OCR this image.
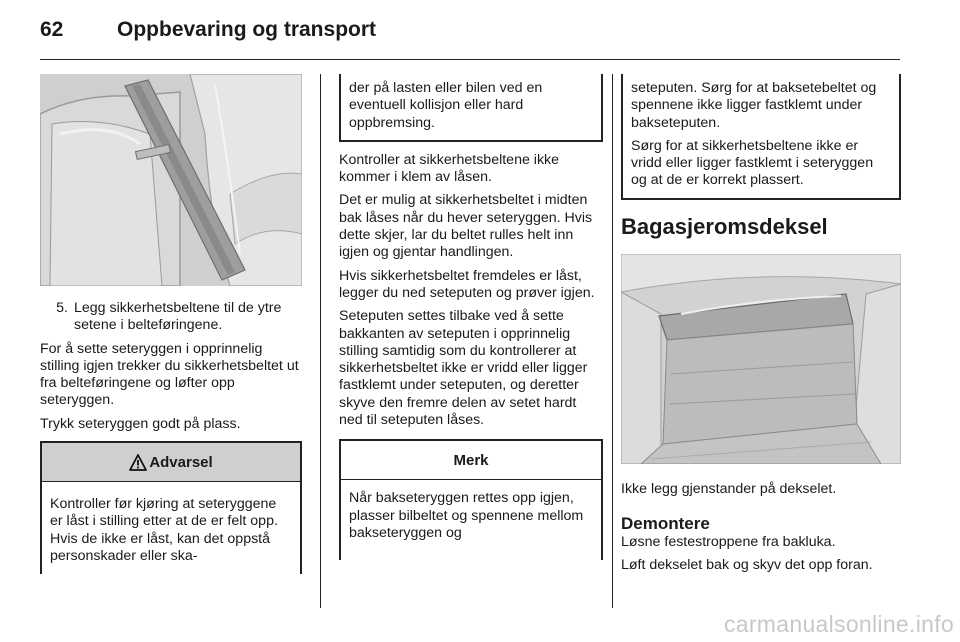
62	Oppbevaring og transport
5. Legg sikkerhetsbeltene til de ytre setene i belteføringene.

For å sette seteryggen i opprinnelig stilling igjen trekker du sikkerhetsbeltet ut fra belteføringene og løfter opp seteryggen.

Trykk seteryggen godt på plass.

Advarsel

Kontroller før kjøring at seteryggene er låst i stilling etter at de er felt opp. Hvis de ikke er låst, kan det oppstå personskader eller ska-

der på lasten eller bilen ved en eventuell kollisjon eller hard oppbremsing.

Kontroller at sikkerhetsbeltene ikke kommer i klem av låsen.

Det er mulig at sikkerhetsbeltet i midten bak låses når du hever seteryggen. Hvis dette skjer, lar du beltet rulles helt inn igjen og gjentar handlingen.

Hvis sikkerhetsbeltet fremdeles er låst, legger du ned seteputen og prøver igjen.

Seteputen settes tilbake ved å sette bakkanten av seteputen i opprinnelig stilling samtidig som du kontrollerer at sikkerhetsbeltet ikke er vridd eller ligger fastklemt under seteputen, og deretter skyve den fremre delen av setet hardt ned til seteputen låses.

Merk

Når bakseteryggen rettes opp igjen, plasser bilbeltet og spennene mellom bakseteryggen og

seteputen. Sørg for at baksetebeltet og spennene ikke ligger fastklemt under bakseteputen.

Sørg for at sikkerhetsbeltene ikke er vridd eller ligger fastklemt i seteryggen og at de er korrekt plassert.

Bagasjeromsdeksel

Ikke legg gjenstander på dekselet.

Demontere

Løsne festestroppene fra bakluka.

Løft dekselet bak og skyv det opp foran.

carmanualsonline.info
